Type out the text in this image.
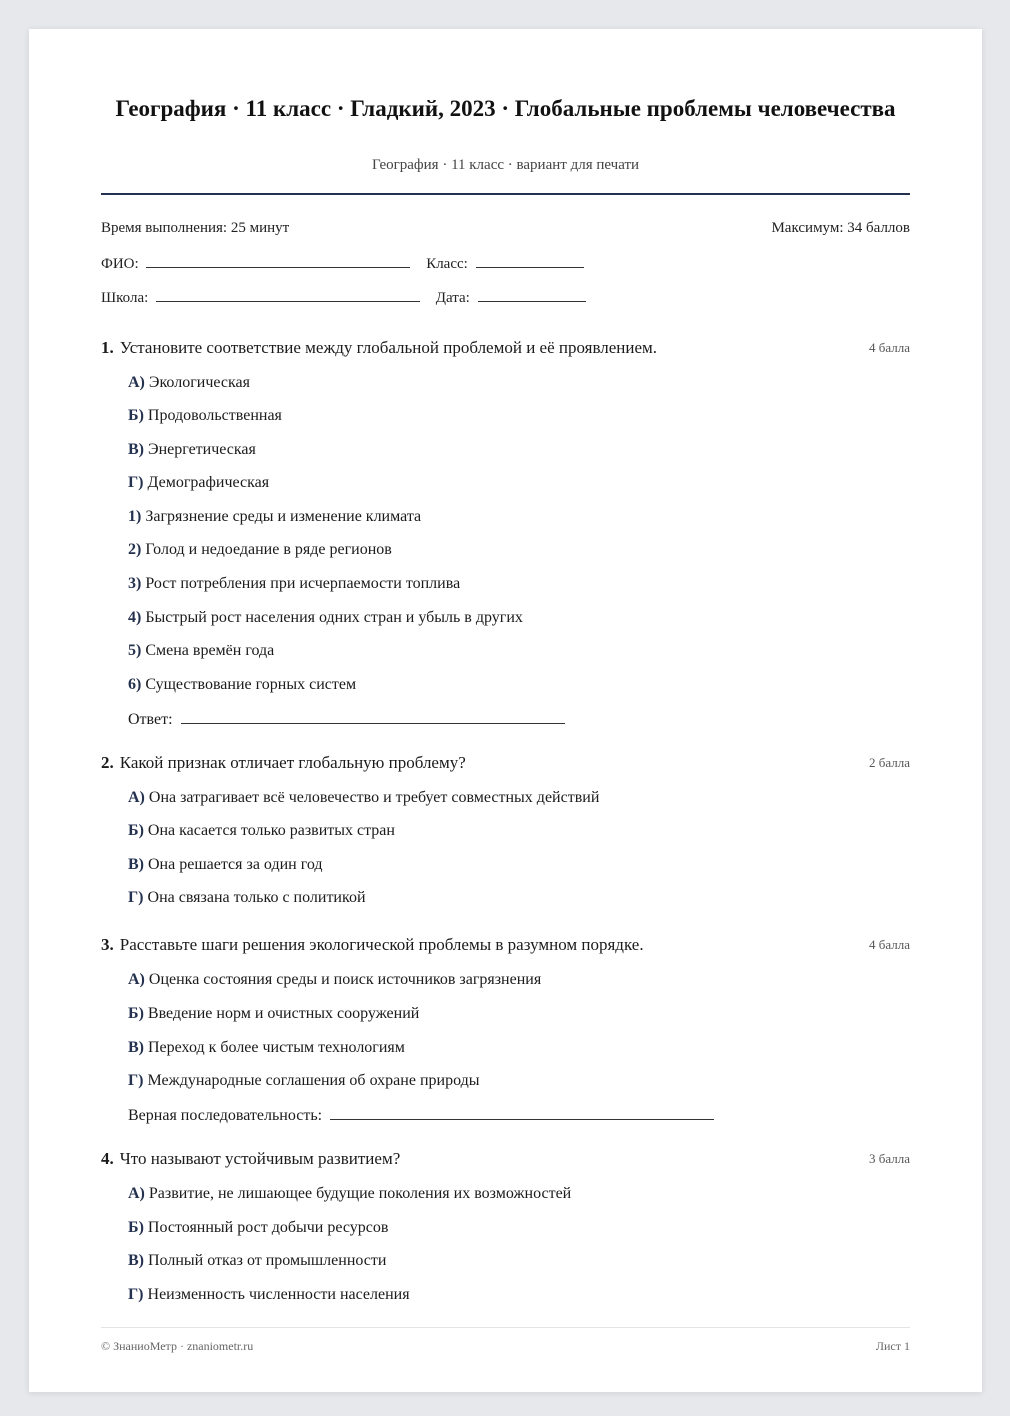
География · 11 класс · Гладкий, 2023 · Глобальные проблемы человечества
География · 11 класс · вариант для печати
Время выполнения: 25 минут	Максимум: 34 баллов
ФИО:	Класс:
Школа:	Дата:
1. Установите соответствие между глобальной проблемой и её проявлением.	4 балла
А) Экологическая
Б) Продовольственная
В) Энергетическая
Г) Демографическая
1) Загрязнение среды и изменение климата
2) Голод и недоедание в ряде регионов
3) Рост потребления при исчерпаемости топлива
4) Быстрый рост населения одних стран и убыль в других
5) Смена времён года
6) Существование горных систем
Ответ:
2. Какой признак отличает глобальную проблему?	2 балла
А) Она затрагивает всё человечество и требует совместных действий
Б) Она касается только развитых стран
В) Она решается за один год
Г) Она связана только с политикой
3. Расставьте шаги решения экологической проблемы в разумном порядке.	4 балла
А) Оценка состояния среды и поиск источников загрязнения
Б) Введение норм и очистных сооружений
В) Переход к более чистым технологиям
Г) Международные соглашения об охране природы
Верная последовательность:
4. Что называют устойчивым развитием?	3 балла
А) Развитие, не лишающее будущие поколения их возможностей
Б) Постоянный рост добычи ресурсов
В) Полный отказ от промышленности
Г) Неизменность численности населения
© ЗнаниоМетр · znaniometr.ru	Лист 1
